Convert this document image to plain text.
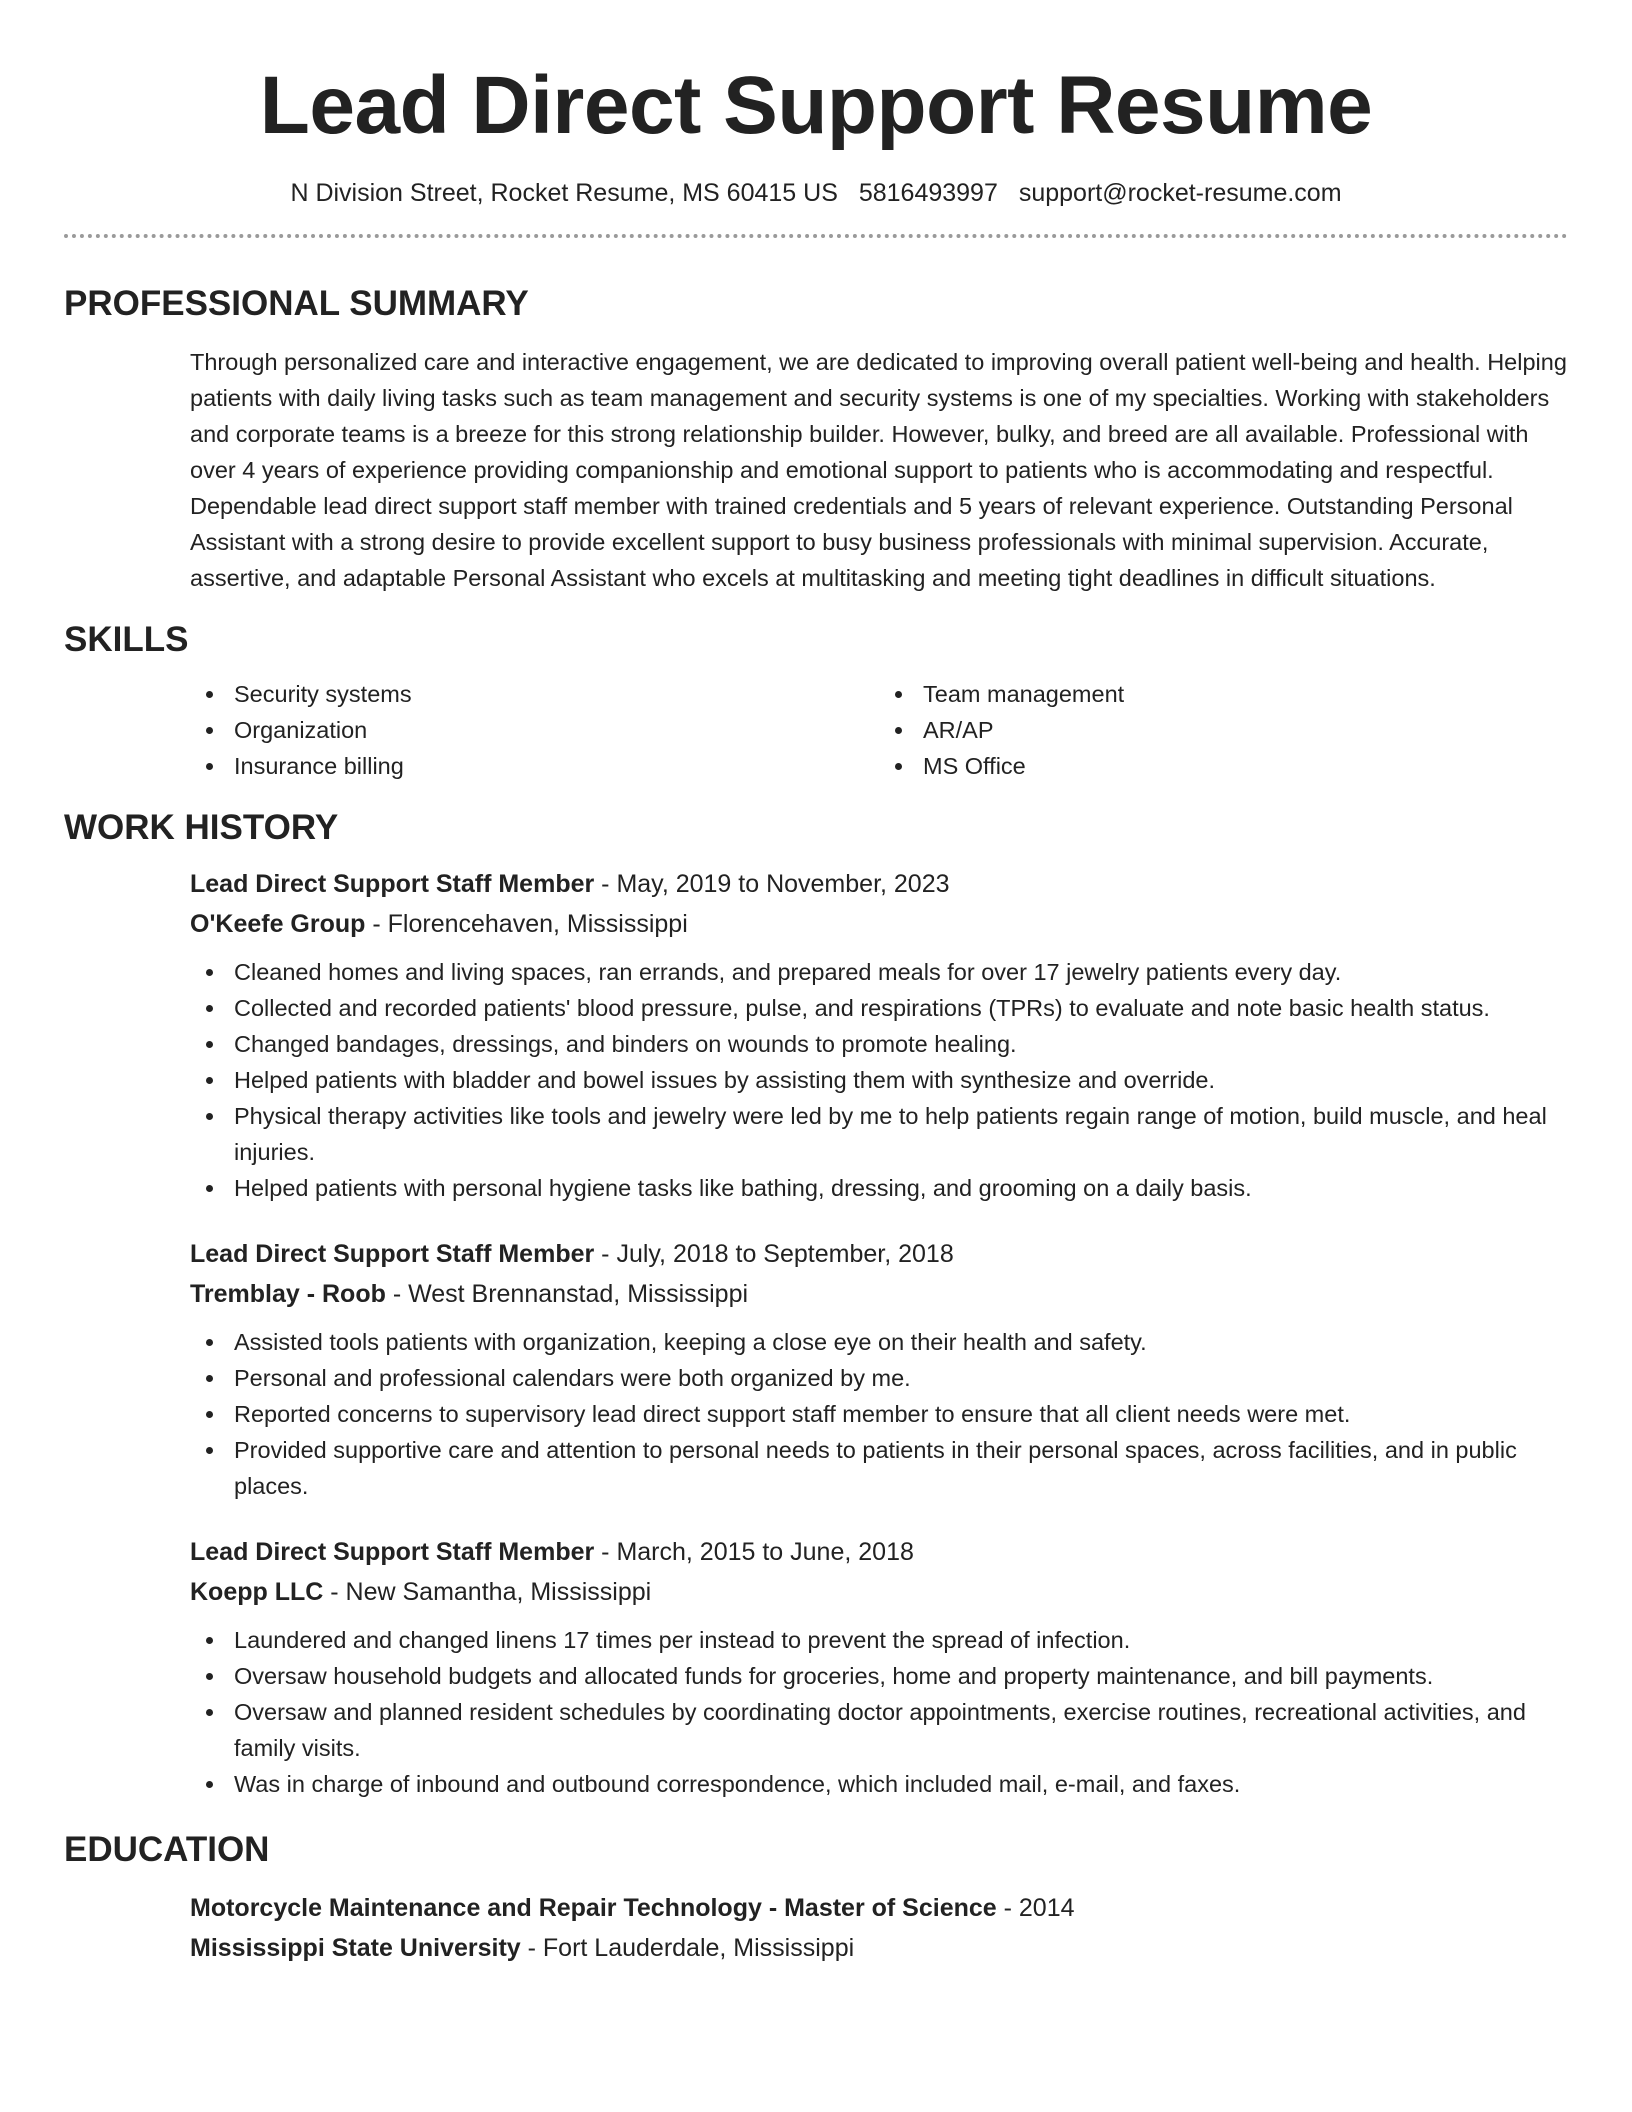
Lead Direct Support Resume
N Division Street, Rocket Resume, MS 60415 US 5816493997 support@rocket-resume.com
PROFESSIONAL SUMMARY

Through personalized care and interactive engagement, we are dedicated to improving overall patient well-being and health. Helping patients with daily living tasks such as team management and security systems is one of my specialties. Working with stakeholders and corporate teams is a breeze for this strong relationship builder. However, bulky, and breed are all available. Professional with over 4 years of experience providing companionship and emotional support to patients who is accommodating and respectful. Dependable lead direct support staff member with trained credentials and 5 years of relevant experience. Outstanding Personal Assistant with a strong desire to provide excellent support to busy business professionals with minimal supervision. Accurate, assertive, and adaptable Personal Assistant who excels at multitasking and meeting tight deadlines in difficult situations.

SKILLS
Security systems	Team management
Organization	AR/AP
Insurance billing	MS Office
WORK HISTORY
Lead Direct Support Staff Member - May, 2019 to November, 2023
O'Keefe Group - Florencehaven, Mississippi
Cleaned homes and living spaces, ran errands, and prepared meals for over 17 jewelry patients every day.
Collected and recorded patients' blood pressure, pulse, and respirations (TPRs) to evaluate and note basic health status.
Changed bandages, dressings, and binders on wounds to promote healing.
Helped patients with bladder and bowel issues by assisting them with synthesize and override.
Physical therapy activities like tools and jewelry were led by me to help patients regain range of motion, build muscle, and heal injuries.
Helped patients with personal hygiene tasks like bathing, dressing, and grooming on a daily basis.
Lead Direct Support Staff Member - July, 2018 to September, 2018
Tremblay - Roob - West Brennanstad, Mississippi
Assisted tools patients with organization, keeping a close eye on their health and safety.
Personal and professional calendars were both organized by me.
Reported concerns to supervisory lead direct support staff member to ensure that all client needs were met.
Provided supportive care and attention to personal needs to patients in their personal spaces, across facilities, and in public places.
Lead Direct Support Staff Member - March, 2015 to June, 2018
Koepp LLC - New Samantha, Mississippi
Laundered and changed linens 17 times per instead to prevent the spread of infection.
Oversaw household budgets and allocated funds for groceries, home and property maintenance, and bill payments.
Oversaw and planned resident schedules by coordinating doctor appointments, exercise routines, recreational activities, and family visits.
Was in charge of inbound and outbound correspondence, which included mail, e-mail, and faxes.
EDUCATION
Motorcycle Maintenance and Repair Technology - Master of Science - 2014
Mississippi State University - Fort Lauderdale, Mississippi
